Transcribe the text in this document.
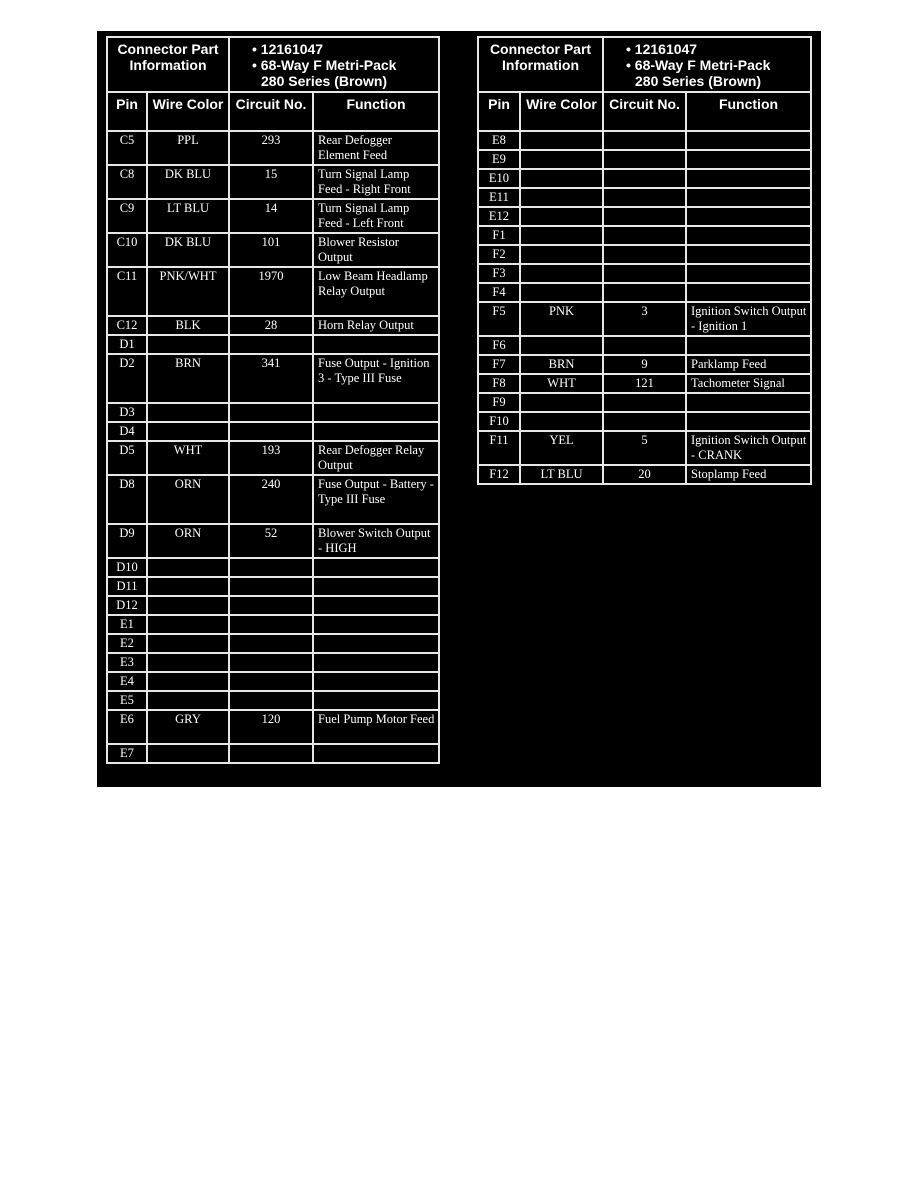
Connector Part Information		• 12161047
• 68-Way F Metri-Pack
280 Series (Brown)	

Pin	Wire Color	Circuit No.	Function
C5	PPL	293	Rear Defogger Element Feed
C8	DK BLU	15	Turn Signal Lamp Feed - Right Front
C9	LT BLU	14	Turn Signal Lamp Feed - Left Front
C10	DK BLU	101	Blower Resistor Output
C11	PNK/WHT	1970	Low Beam Headlamp Relay Output
C12	BLK	28	Horn Relay Output
D1			
D2	BRN	341	Fuse Output - Ignition 3 - Type III Fuse
D3			
D4			
D5	WHT	193	Rear Defogger Relay Output
D8	ORN	240	Fuse Output - Battery - Type III Fuse
D9	ORN	52	Blower Switch Output - HIGH
D10			
D11			
D12			
E1			
E2			
E3			
E4			
E5			
E6	GRY	120	Fuel Pump Motor Feed
E7			
Connector Part Information		• 12161047
• 68-Way F Metri-Pack
280 Series (Brown)	

Pin	Wire Color	Circuit No.	Function
E8			
E9			
E10			
E11			
E12			
F1			
F2			
F3			
F4			
F5	PNK	3	Ignition Switch Output - Ignition 1
F6			
F7	BRN	9	Parklamp Feed
F8	WHT	121	Tachometer Signal
F9			
F10			
F11	YEL	5	Ignition Switch Output - CRANK
F12	LT BLU	20	Stoplamp Feed
